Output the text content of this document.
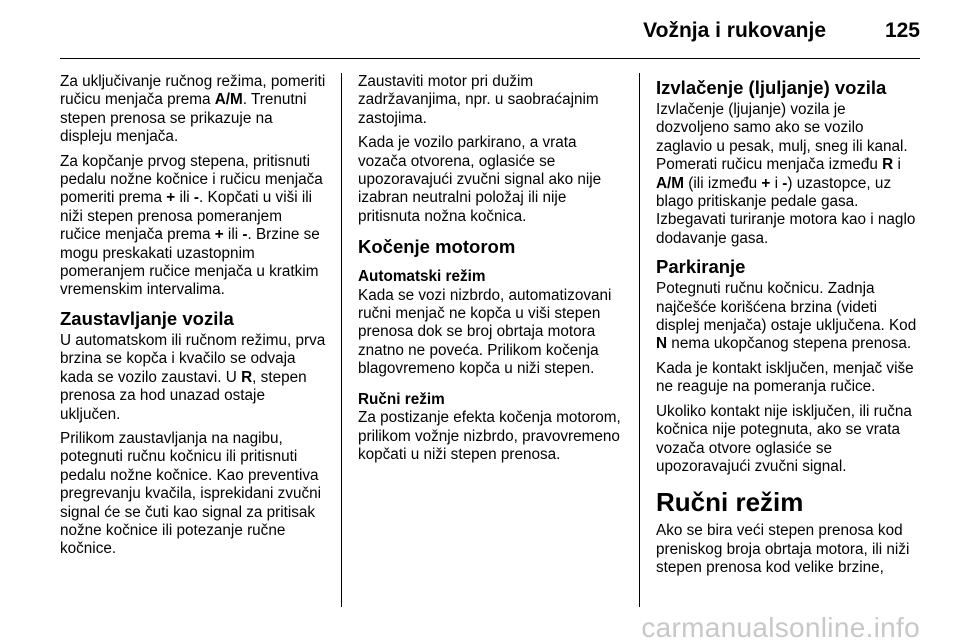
Vožnja i rukovanje	125

Za uključivanje ručnog režima, pomeriti ručicu menjača prema A/M. Trenutni stepen prenosa se prikazuje na displeju menjača.

Za kopčanje prvog stepena, pritisnuti pedalu nožne kočnice i ručicu menjača pomeriti prema + ili -. Kopčati u viši ili niži stepen prenosa pomeranjem ručice menjača prema + ili -. Brzine se mogu preskakati uzastopnim pomeranjem ručice menjača u kratkim vremenskim intervalima.

Zaustavljanje vozila

U automatskom ili ručnom režimu, prva brzina se kopča i kvačilo se odvaja kada se vozilo zaustavi. U R, stepen prenosa za hod unazad ostaje uključen.

Prilikom zaustavljanja na nagibu, potegnuti ručnu kočnicu ili pritisnuti pedalu nožne kočnice. Kao preventiva pregrevanju kvačila, isprekidani zvučni signal će se čuti kao signal za pritisak nožne kočnice ili potezanje ručne kočnice.

Zaustaviti motor pri dužim zadržavanjima, npr. u saobraćajnim zastojima.

Kada je vozilo parkirano, a vrata vozača otvorena, oglasiće se upozoravajući zvučni signal ako nije izabran neutralni položaj ili nije pritisnuta nožna kočnica.

Kočenje motorom
Automatski režim

Kada se vozi nizbrdo, automatizovani ručni menjač ne kopča u viši stepen prenosa dok se broj obrtaja motora znatno ne poveća. Prilikom kočenja blagovremeno kopča u niži stepen.

Ručni režim

Za postizanje efekta kočenja motorom, prilikom vožnje nizbrdo, pravovremeno kopčati u niži stepen prenosa.

Izvlačenje (ljuljanje) vozila

Izvlačenje (ljujanje) vozila je dozvoljeno samo ako se vozilo zaglavio u pesak, mulj, sneg ili kanal. Pomerati ručicu menjača između R i A/M (ili između + i -) uzastopce, uz blago pritiskanje pedale gasa. Izbegavati turiranje motora kao i naglo dodavanje gasa.

Parkiranje

Potegnuti ručnu kočnicu. Zadnja najčešće korišćena brzina (videti displej menjača) ostaje uključena. Kod N nema ukopčanog stepena prenosa.

Kada je kontakt isključen, menjač više ne reaguje na pomeranja ručice.

Ukoliko kontakt nije isključen, ili ručna kočnica nije potegnuta, ako se vrata vozača otvore oglasiće se upozoravajući zvučni signal.

Ručni režim

Ako se bira veći stepen prenosa kod preniskog broja obrtaja motora, ili niži stepen prenosa kod velike brzine,

carmanualsonline.info
